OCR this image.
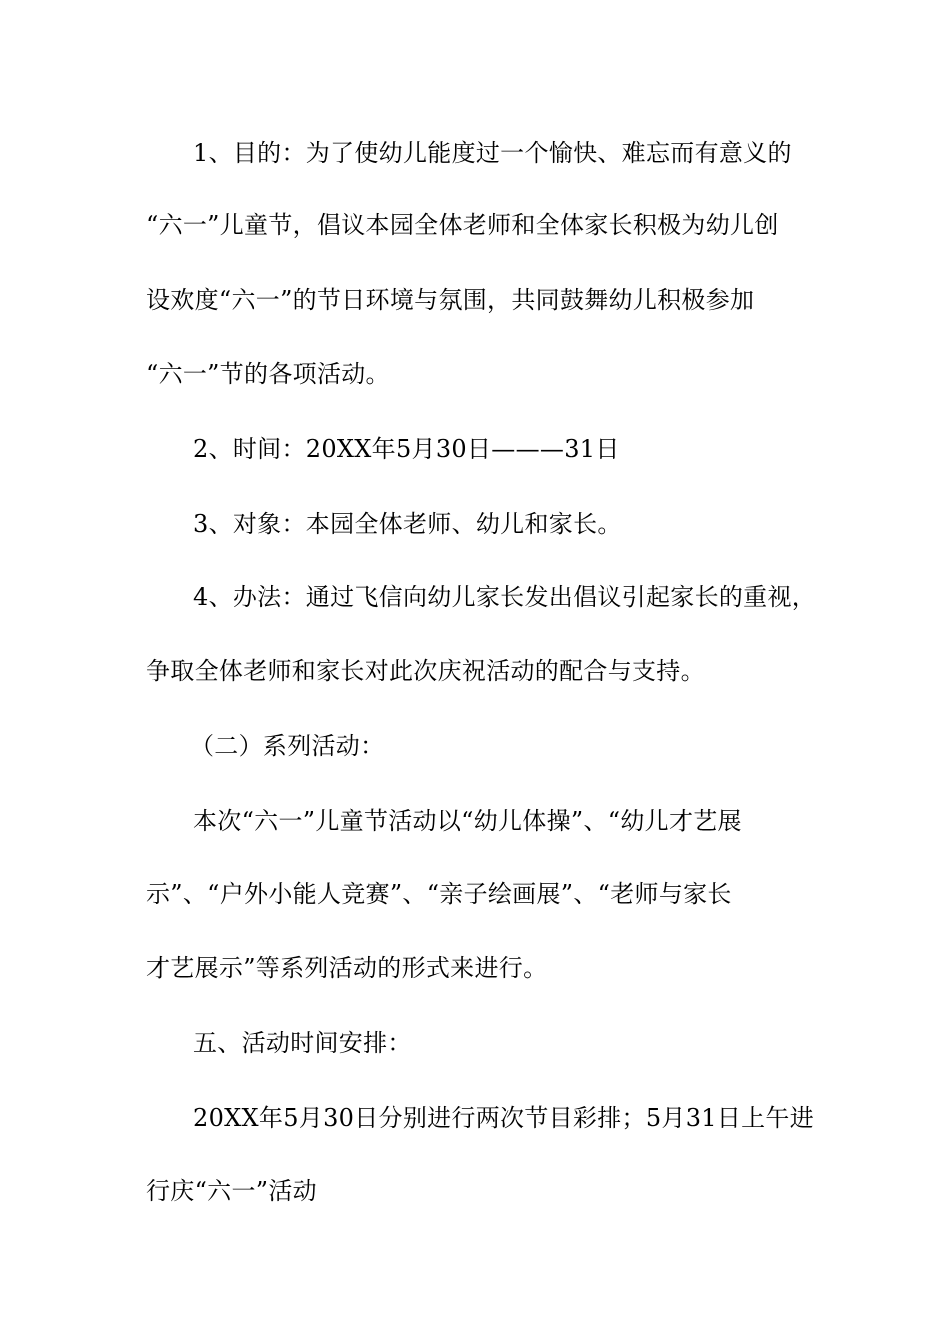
1、目的：为了使幼儿能度过一个愉快、难忘而有意义的
“六一”儿童节，倡议本园全体老师和全体家长积极为幼儿创
设欢度“六一”的节日环境与氛围，共同鼓舞幼儿积极参加
“六一”节的各项活动。
2、时间：20XX年5月30日———31日
3、对象：本园全体老师、幼儿和家长。
4、办法：通过飞信向幼儿家长发出倡议引起家长的重视，
争取全体老师和家长对此次庆祝活动的配合与支持。
（二）系列活动：
本次“六一”儿童节活动以“幼儿体操”、“幼儿才艺展
示”、“户外小能人竞赛”、“亲子绘画展”、“老师与家长
才艺展示”等系列活动的形式来进行。
五、活动时间安排：
20XX年5月30日分别进行两次节目彩排；5月31日上午进
行庆“六一”活动
